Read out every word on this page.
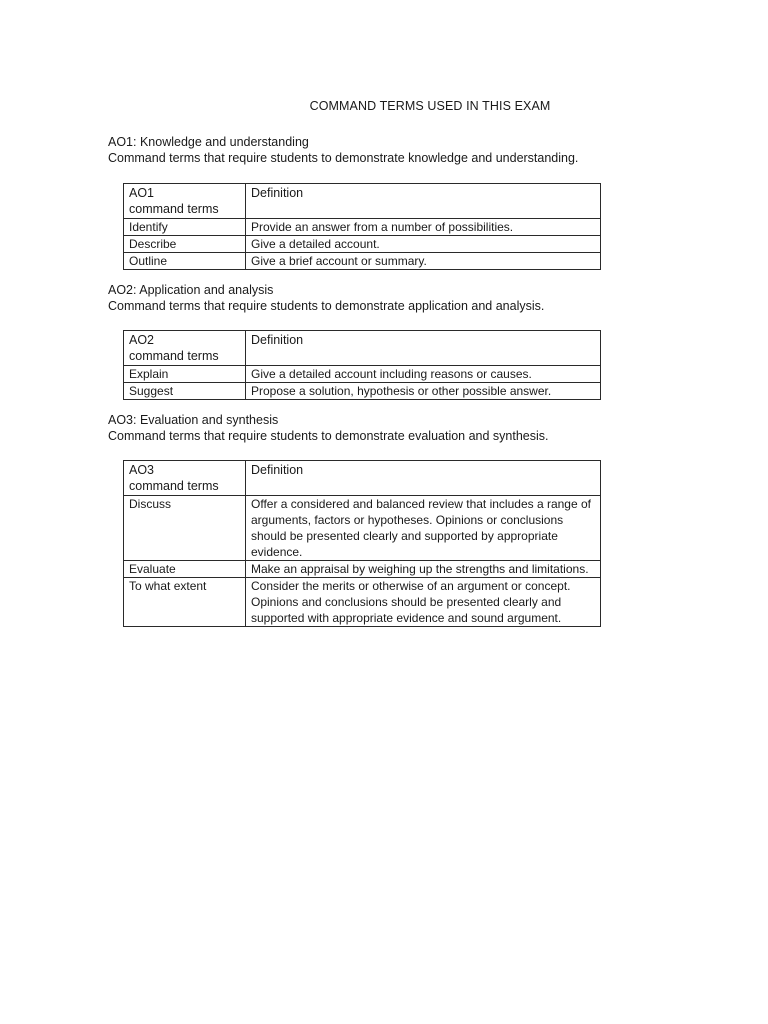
COMMAND TERMS USED IN THIS EXAM
AO1: Knowledge and understanding

Command terms that require students to demonstrate knowledge and understanding.

AO1
command terms	Definition
Identify	Provide an answer from a number of possibilities.
Describe	Give a detailed account.
Outline	Give a brief account or summary.
AO2: Application and analysis

Command terms that require students to demonstrate application and analysis.

AO2
command terms	Definition
Explain	Give a detailed account including reasons or causes.
Suggest	Propose a solution, hypothesis or other possible answer.
AO3: Evaluation and synthesis

Command terms that require students to demonstrate evaluation and synthesis.

AO3
command terms	Definition
Discuss	Offer a considered and balanced review that includes a range of arguments, factors or hypotheses. Opinions or conclusions should be presented clearly and supported by appropriate evidence.
Evaluate	Make an appraisal by weighing up the strengths and limitations.
To what extent	Consider the merits or otherwise of an argument or concept. Opinions and conclusions should be presented clearly and supported with appropriate evidence and sound argument.
